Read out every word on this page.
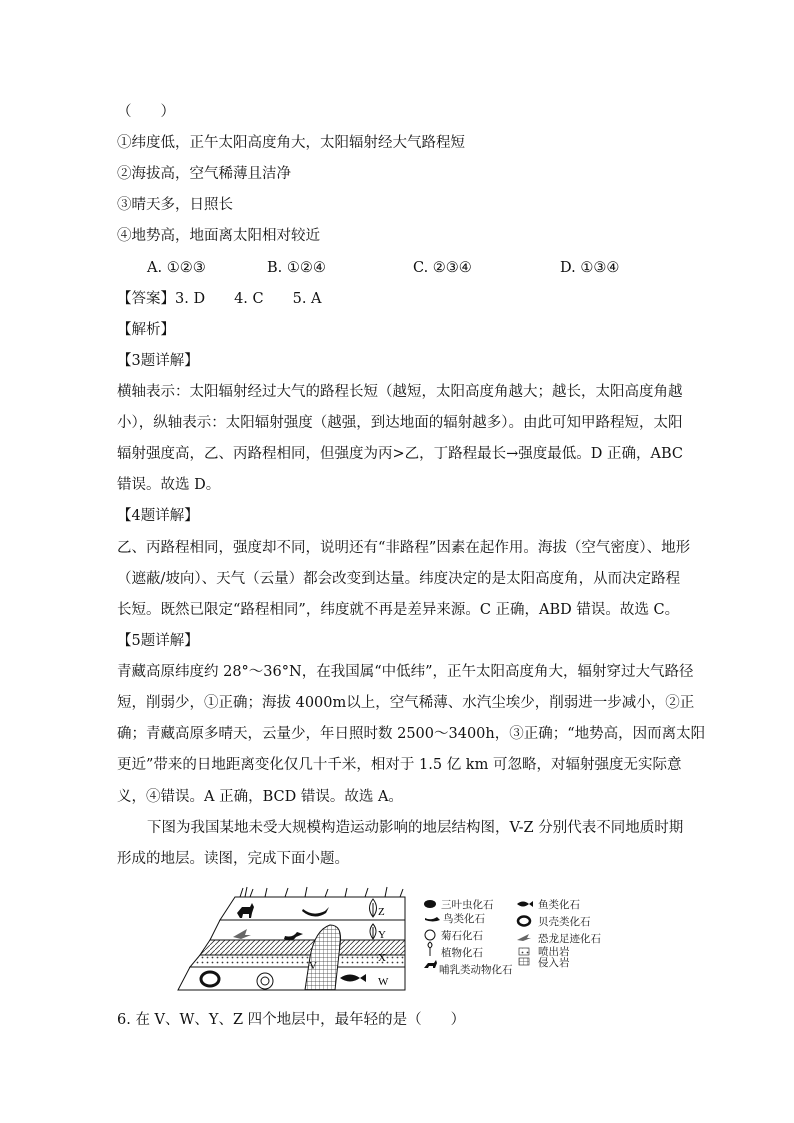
（　　）
①纬度低，正午太阳高度角大，太阳辐射经大气路程短
②海拔高，空气稀薄且洁净
③晴天多，日照长
④地势高，地面离太阳相对较近
A. ①②③	B. ①②④	C. ②③④	D. ①③④
【答案】3. D　　4. C　　5. A
【解析】
【3题详解】
横轴表示：太阳辐射经过大气的路程长短（越短，太阳高度角越大；越长，太阳高度角越
小），纵轴表示：太阳辐射强度（越强，到达地面的辐射越多）。由此可知甲路程短，太阳
辐射强度高，乙、丙路程相同，但强度为丙>乙，丁路程最长→强度最低。D 正确，ABC
错误。故选 D。
【4题详解】
乙、丙路程相同，强度却不同，说明还有“非路程”因素在起作用。海拔（空气密度）、地形
（遮蔽/坡向）、天气（云量）都会改变到达量。纬度决定的是太阳高度角，从而决定路程
长短。既然已限定“路程相同”，纬度就不再是差异来源。C 正确，ABD 错误。故选 C。
【5题详解】
青藏高原纬度约 28°～36°N，在我国属“中低纬”，正午太阳高度角大，辐射穿过大气路径
短，削弱少，①正确；海拔 4000m以上，空气稀薄、水汽尘埃少，削弱进一步减小，②正
确；青藏高原多晴天，云量少，年日照时数 2500～3400h，③正确；“地势高，因而离太阳
更近”带来的日地距离变化仅几十千米，相对于 1.5 亿 km 可忽略，对辐射强度无实际意
义，④错误。A 正确，BCD 错误。故选 A。
下图为我国某地未受大规模构造运动影响的地层结构图，V-Z 分别代表不同地质时期
形成的地层。读图，完成下面小题。
Z
Y
X
V
W
三叶虫化石
鸟类化石
菊石化石
植物化石
哺乳类动物化石
鱼类化石
贝壳类化石
恐龙足迹化石
喷出岩
侵入岩
6. 在 V、W、Y、Z 四个地层中，最年轻的是（　　）
